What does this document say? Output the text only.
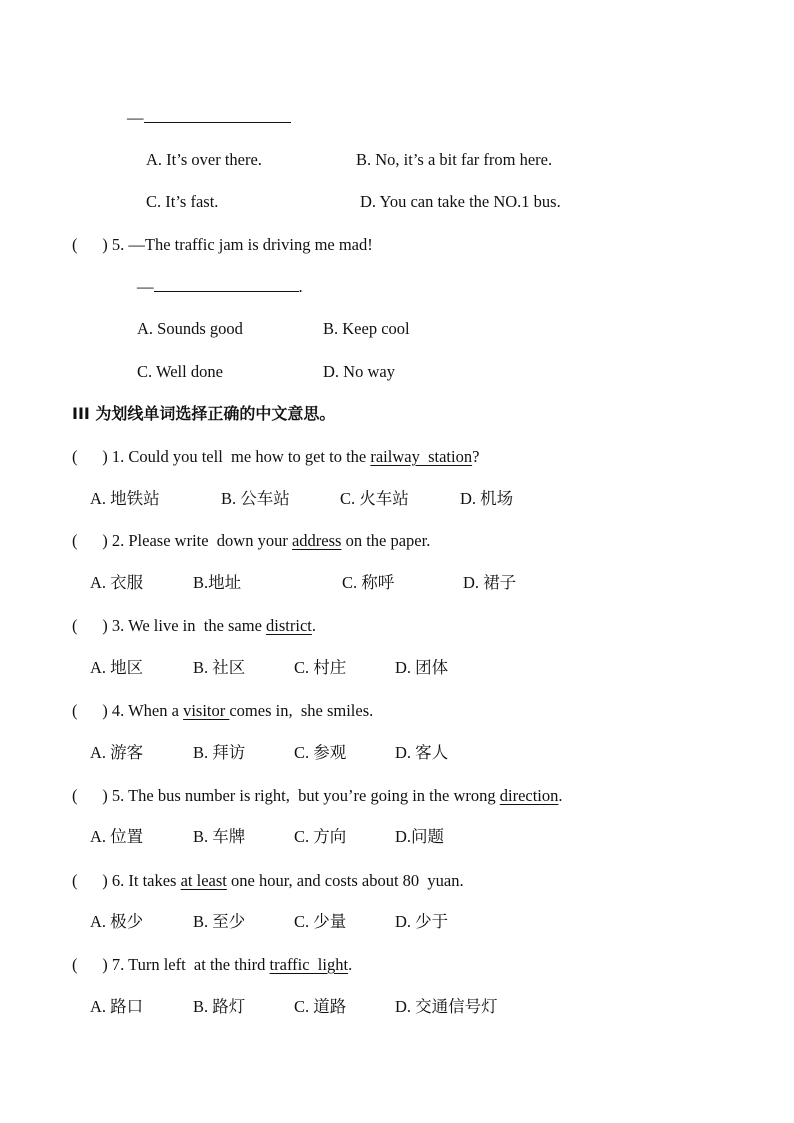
—
A. It’s over there.	B. No, it’s a bit far from here.
C. It’s fast.	D. You can take the NO.1 bus.
(      ) 5. —The traffic jam is driving me mad!
—	.
A. Sounds good	B. Keep cool
C. Well done	D. No way
III 为划线单词选择正确的中文意思。
(      ) 1. Could you tell  me how to get to the railway  station?
A. 地铁站	B. 公车站	C. 火车站	D. 机场
(      ) 2. Please write  down your address on the paper.
A. 衣服	B.地址	C. 称呼	D. 裙子
(      ) 3. We live in  the same district.
A. 地区	B. 社区	C. 村庄	D. 团体
(      ) 4. When a visitor comes in,  she smiles.
A. 游客	B. 拜访	C. 参观	D. 客人
(      ) 5. The bus number is right,  but you’re going in the wrong direction.
A. 位置	B. 车牌	C. 方向	D.问题
(      ) 6. It takes at least one hour, and costs about 80  yuan.
A. 极少	B. 至少	C. 少量	D. 少于
(      ) 7. Turn left  at the third traffic  light.
A. 路口	B. 路灯	C. 道路	D. 交通信号灯
